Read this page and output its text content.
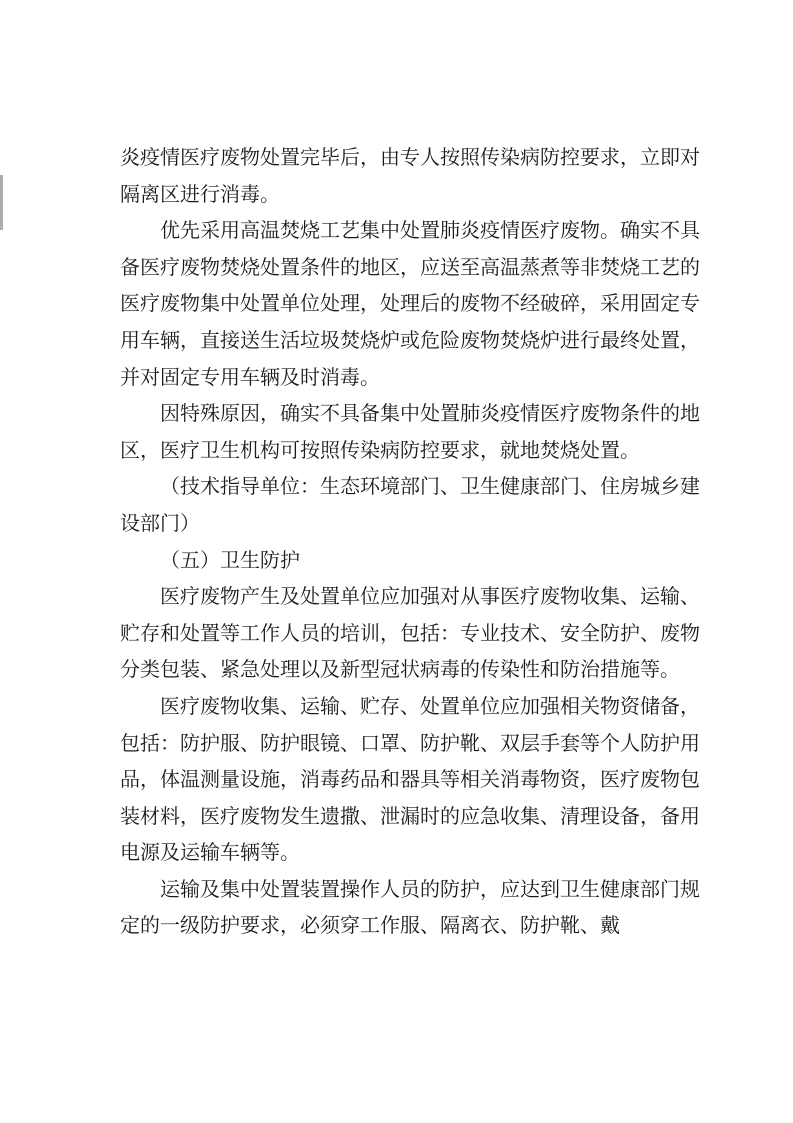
炎疫情医疗废物处置完毕后，由专人按照传染病防控要求，立即对隔离区进行消毒。

优先采用高温焚烧工艺集中处置肺炎疫情医疗废物。确实不具备医疗废物焚烧处置条件的地区，应送至高温蒸煮等非焚烧工艺的医疗废物集中处置单位处理，处理后的废物不经破碎，采用固定专用车辆，直接送生活垃圾焚烧炉或危险废物焚烧炉进行最终处置，并对固定专用车辆及时消毒。

因特殊原因，确实不具备集中处置肺炎疫情医疗废物条件的地区，医疗卫生机构可按照传染病防控要求，就地焚烧处置。

（技术指导单位：生态环境部门、卫生健康部门、住房城乡建设部门）

（五）卫生防护

医疗废物产生及处置单位应加强对从事医疗废物收集、运输、贮存和处置等工作人员的培训，包括：专业技术、安全防护、废物分类包装、紧急处理以及新型冠状病毒的传染性和防治措施等。

医疗废物收集、运输、贮存、处置单位应加强相关物资储备，包括：防护服、防护眼镜、口罩、防护靴、双层手套等个人防护用品，体温测量设施，消毒药品和器具等相关消毒物资，医疗废物包装材料，医疗废物发生遗撒、泄漏时的应急收集、清理设备，备用电源及运输车辆等。

运输及集中处置装置操作人员的防护，应达到卫生健康部门规定的一级防护要求，必须穿工作服、隔离衣、防护靴、戴
